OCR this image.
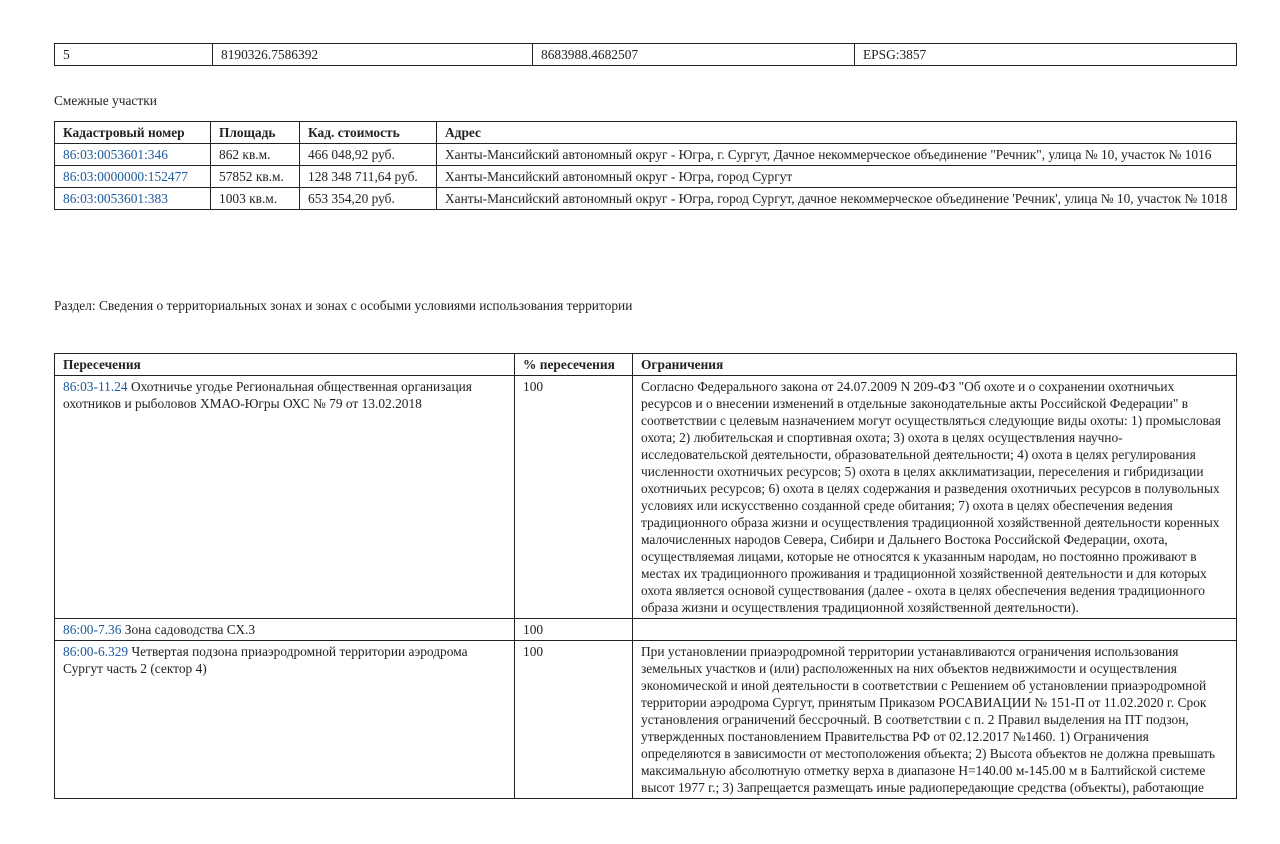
5	8190326.7586392	8683988.4682507	EPSG:3857
Смежные участки
Кадастровый номер	Площадь	Кад. стоимость	Адрес
86:03:0053601:346	862 кв.м.	466 048,92 руб.	Ханты-Мансийский автономный округ - Югра, г. Сургут, Дачное некоммерческое объединение "Речник", улица № 10, участок № 1016
86:03:0000000:152477	57852 кв.м.	128 348 711,64 руб.	Ханты-Мансийский автономный округ - Югра, город Сургут
86:03:0053601:383	1003 кв.м.	653 354,20 руб.	Ханты-Мансийский автономный округ - Югра, город Сургут, дачное некоммерческое объединение 'Речник', улица № 10, участок № 1018
Раздел: Сведения о территориальных зонах и зонах с особыми условиями использования территории
Пересечения	% пересечения	Ограничения
86:03-11.24 Охотничье угодье Региональная общественная организация охотников и рыболовов ХМАО-Югры ОХС № 79 от 13.02.2018	100	Согласно Федерального закона от 24.07.2009 N 209-ФЗ "Об охоте и о сохранении охотничьих ресурсов и о внесении изменений в отдельные законодательные акты Российской Федерации" в соответствии с целевым назначением могут осуществляться следующие виды охоты: 1) промысловая охота; 2) любительская и спортивная охота; 3) охота в целях осуществления научно-исследовательской деятельности, образовательной деятельности; 4) охота в целях регулирования численности охотничьих ресурсов; 5) охота в целях акклиматизации, переселения и гибридизации охотничьих ресурсов; 6) охота в целях содержания и разведения охотничьих ресурсов в полувольных условиях или искусственно созданной среде обитания; 7) охота в целях обеспечения ведения традиционного образа жизни и осуществления традиционной хозяйственной деятельности коренных малочисленных народов Севера, Сибири и Дальнего Востока Российской Федерации, охота, осуществляемая лицами, которые не относятся к указанным народам, но постоянно проживают в местах их традиционного проживания и традиционной хозяйственной деятельности и для которых охота является основой существования (далее - охота в целях обеспечения ведения традиционного образа жизни и осуществления традиционной хозяйственной деятельности).
86:00-7.36 Зона садоводства СХ.3	100	
86:00-6.329 Четвертая подзона приаэродромной территории аэродрома Сургут часть 2 (сектор 4)	100	При установлении приаэродромной территории устанавливаются ограничения использования земельных участков и (или) расположенных на них объектов недвижимости и осуществления экономической и иной деятельности в соответствии с Решением об установлении приаэродромной территории аэродрома Сургут, принятым Приказом РОСАВИАЦИИ № 151-П от 11.02.2020 г. Срок установления ограничений бессрочный. В соответствии с п. 2 Правил выделения на ПТ подзон, утвержденных постановлением Правительства РФ от 02.12.2017 №1460. 1) Ограничения определяются в зависимости от местоположения объекта; 2) Высота объектов не должна превышать максимальную абсолютную отметку верха в диапазоне Н=140.00 м-145.00 м в Балтийской системе высот 1977 г.; 3) Запрещается размещать иные радиопередающие средства (объекты), работающие
